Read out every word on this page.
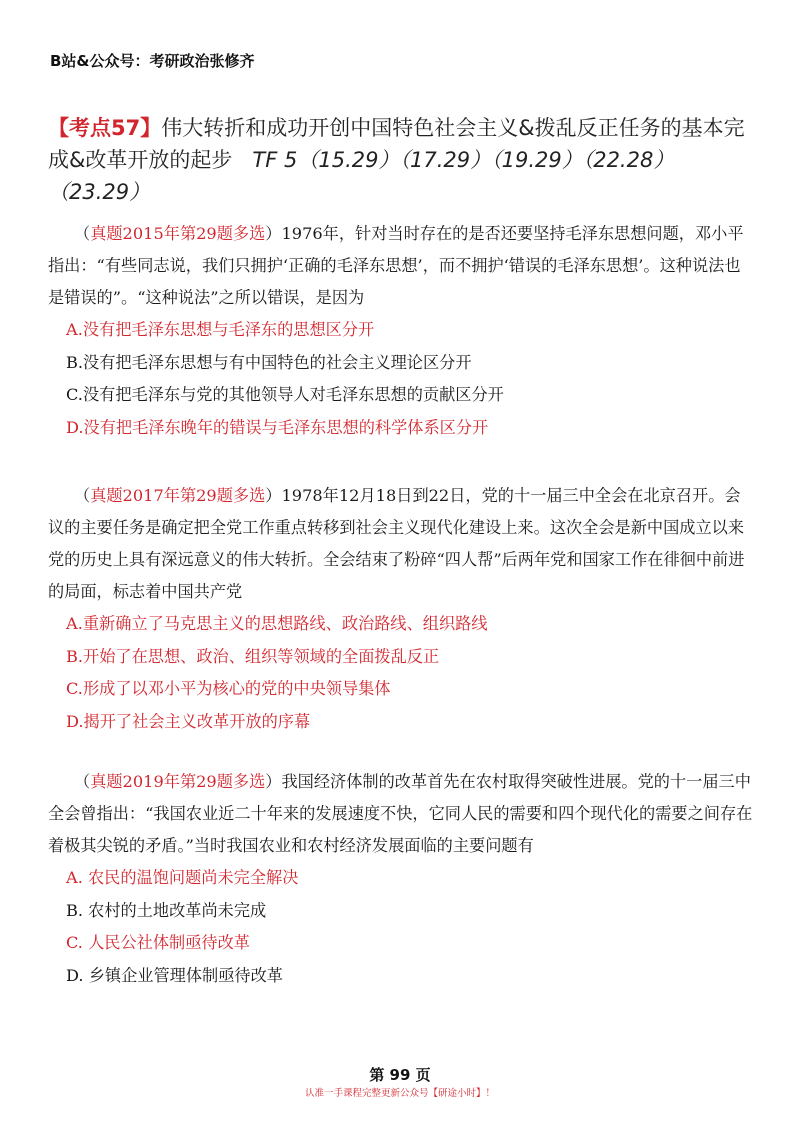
B站&公众号：考研政治张修齐
【考点57】伟大转折和成功开创中国特色社会主义&拨乱反正任务的基本完成&改革开放的起步 TF 5（15.29）（17.29）（19.29）（22.28）（23.29）
（真题2015年第29题多选）1976年，针对当时存在的是否还要坚持毛泽东思想问题，邓小平指出：“有些同志说，我们只拥护‘正确的毛泽东思想’，而不拥护‘错误的毛泽东思想’。这种说法也是错误的”。“这种说法”之所以错误，是因为
A.没有把毛泽东思想与毛泽东的思想区分开
B.没有把毛泽东思想与有中国特色的社会主义理论区分开
C.没有把毛泽东与党的其他领导人对毛泽东思想的贡献区分开
D.没有把毛泽东晚年的错误与毛泽东思想的科学体系区分开
（真题2017年第29题多选）1978年12月18日到22日，党的十一届三中全会在北京召开。会议的主要任务是确定把全党工作重点转移到社会主义现代化建设上来。这次全会是新中国成立以来党的历史上具有深远意义的伟大转折。全会结束了粉碎“四人帮”后两年党和国家工作在徘徊中前进的局面，标志着中国共产党
A.重新确立了马克思主义的思想路线、政治路线、组织路线
B.开始了在思想、政治、组织等领域的全面拨乱反正
C.形成了以邓小平为核心的党的中央领导集体
D.揭开了社会主义改革开放的序幕
（真题2019年第29题多选）我国经济体制的改革首先在农村取得突破性进展。党的十一届三中全会曾指出：“我国农业近二十年来的发展速度不快，它同人民的需要和四个现代化的需要之间存在着极其尖锐的矛盾。”当时我国农业和农村经济发展面临的主要问题有
A. 农民的温饱问题尚未完全解决
B. 农村的土地改革尚未完成
C. 人民公社体制亟待改革
D. 乡镇企业管理体制亟待改革
第 99 页
认准一手课程完整更新公众号【研途小时】！
